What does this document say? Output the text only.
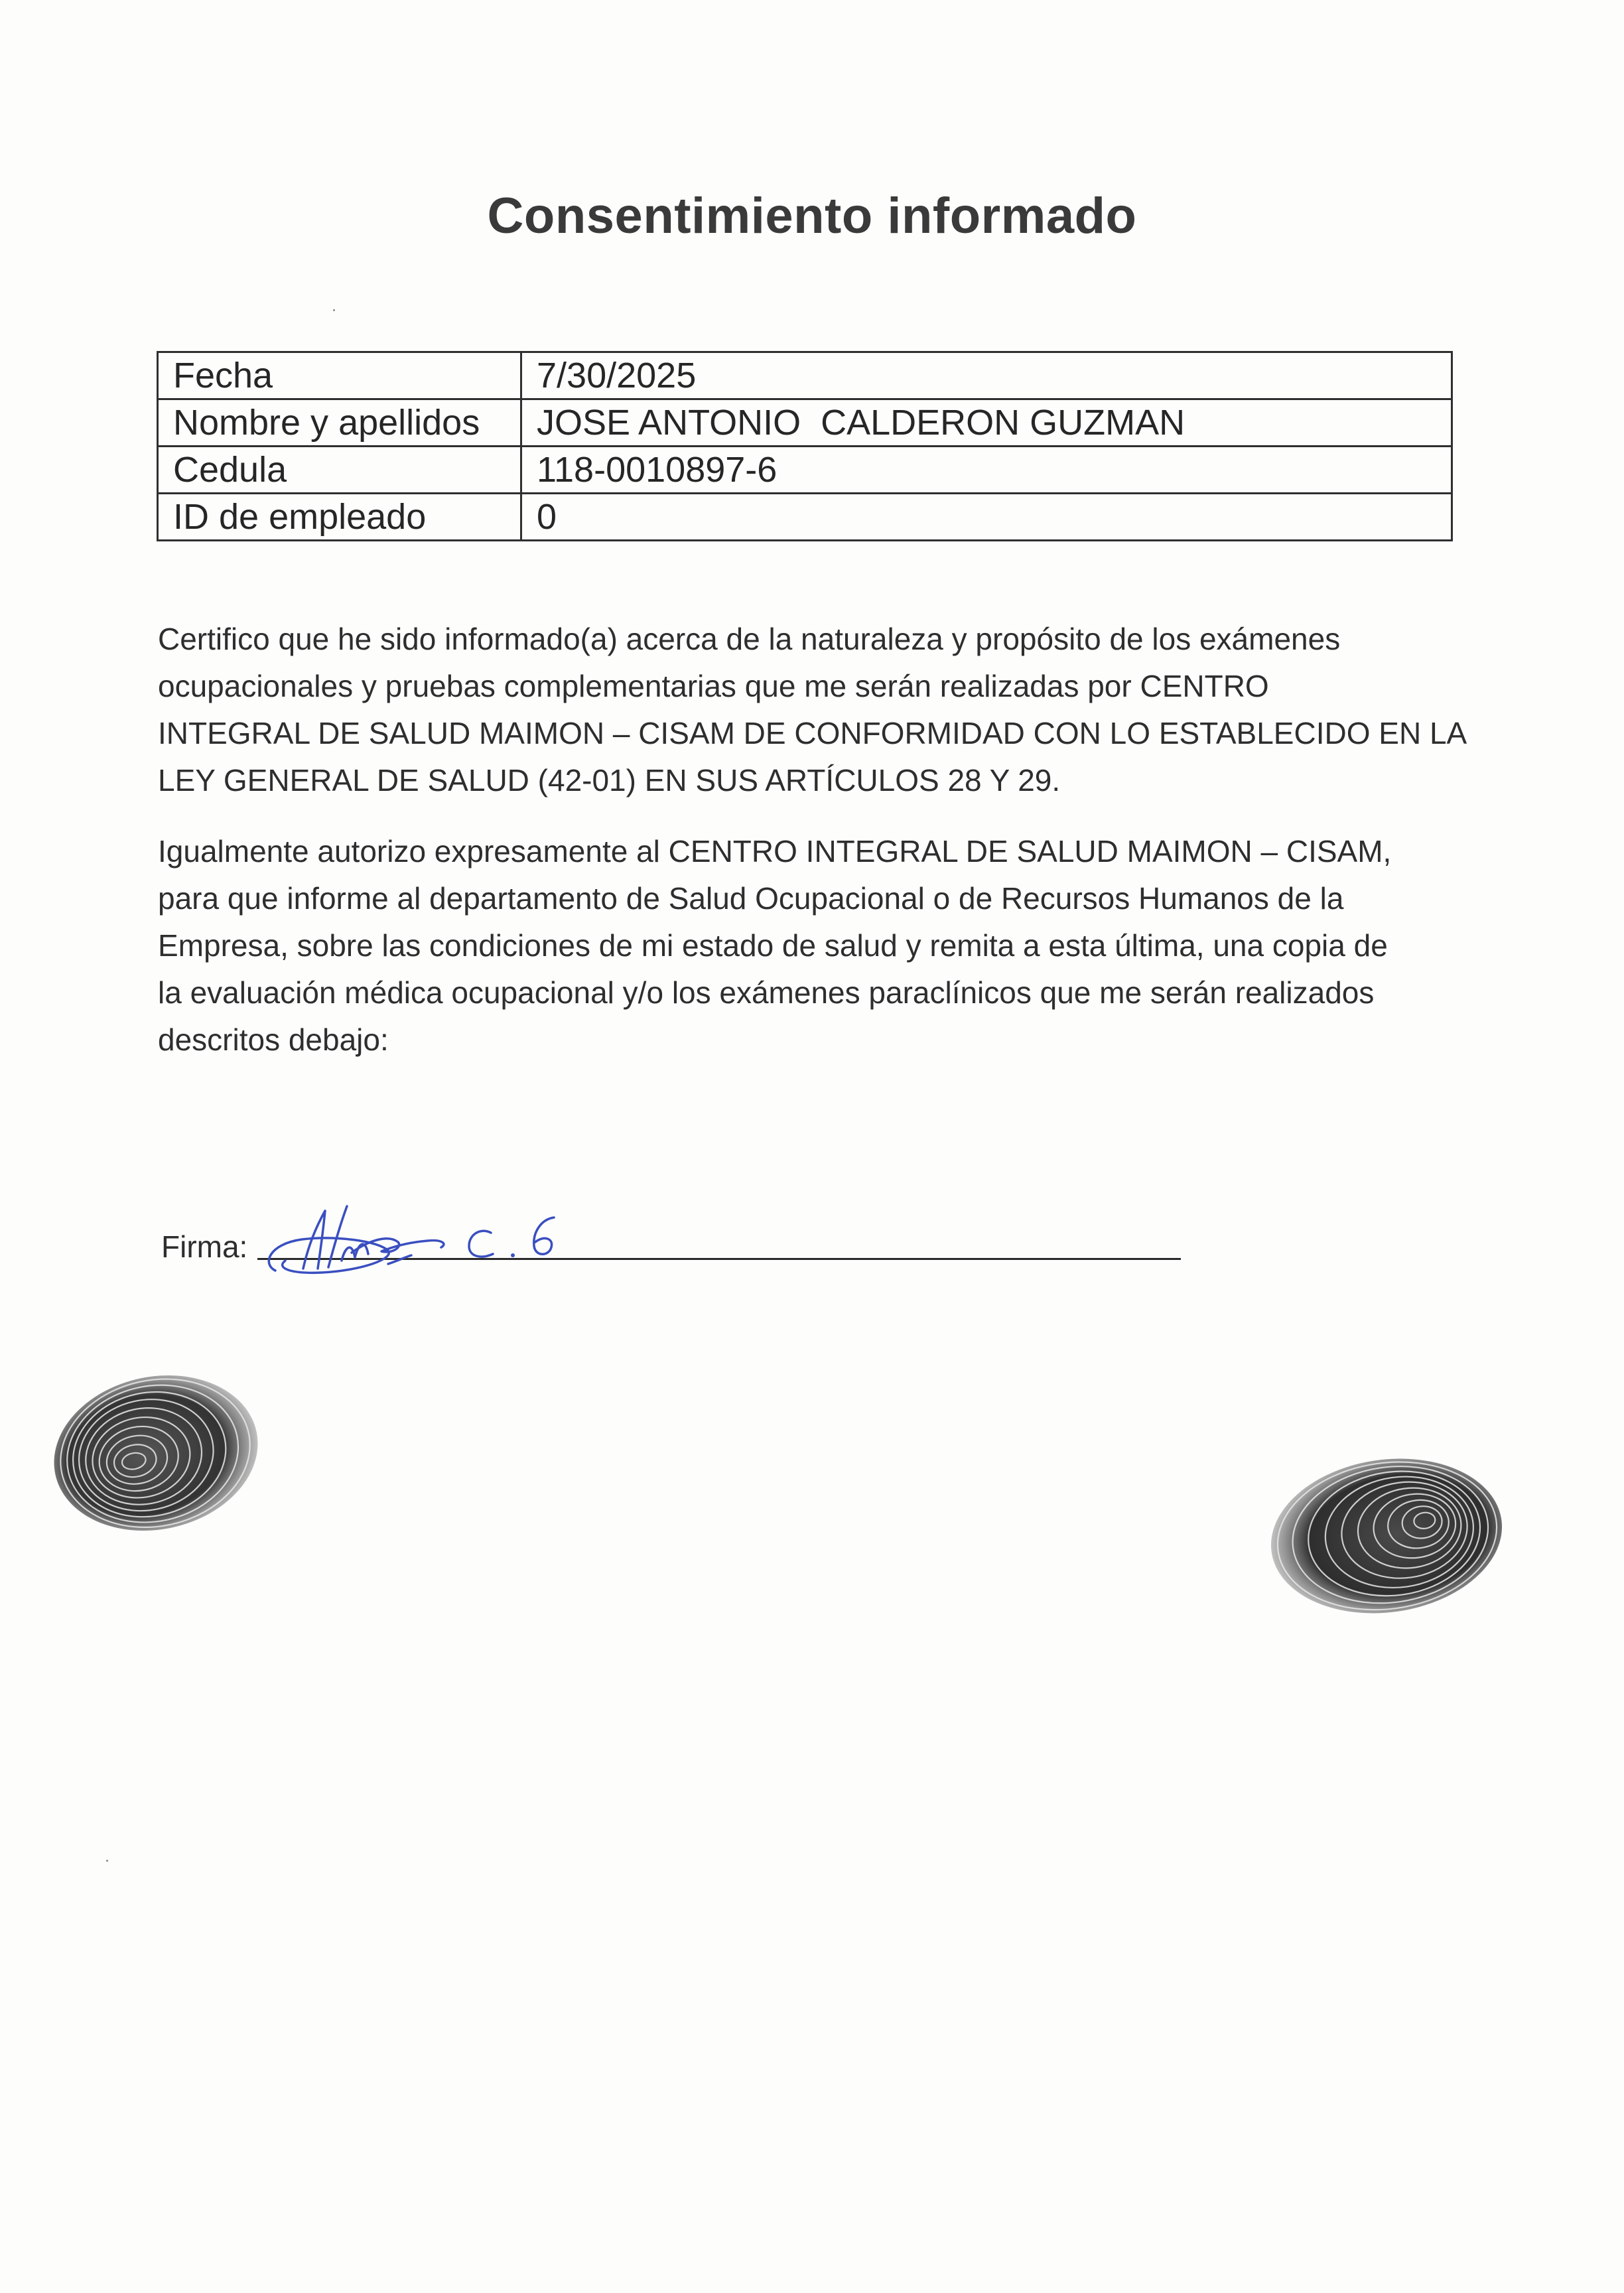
Consentimiento informado
Fecha	7/30/2025
Nombre y apellidos	JOSE ANTONIO  CALDERON GUZMAN
Cedula	118-0010897-6
ID de empleado	0
Certifico que he sido informado(a) acerca de la naturaleza y propósito de los exámenes
ocupacionales y pruebas complementarias que me serán realizadas por CENTRO
INTEGRAL DE SALUD MAIMON – CISAM DE CONFORMIDAD CON LO ESTABLECIDO EN LA
LEY GENERAL DE SALUD (42-01) EN SUS ARTÍCULOS 28 Y 29.
Igualmente autorizo expresamente al CENTRO INTEGRAL DE SALUD MAIMON – CISAM,
para que informe al departamento de Salud Ocupacional o de Recursos Humanos de la
Empresa, sobre las condiciones de mi estado de salud y remita a esta última, una copia de
la evaluación médica ocupacional y/o los exámenes paraclínicos que me serán realizados
descritos debajo:
Firma:
